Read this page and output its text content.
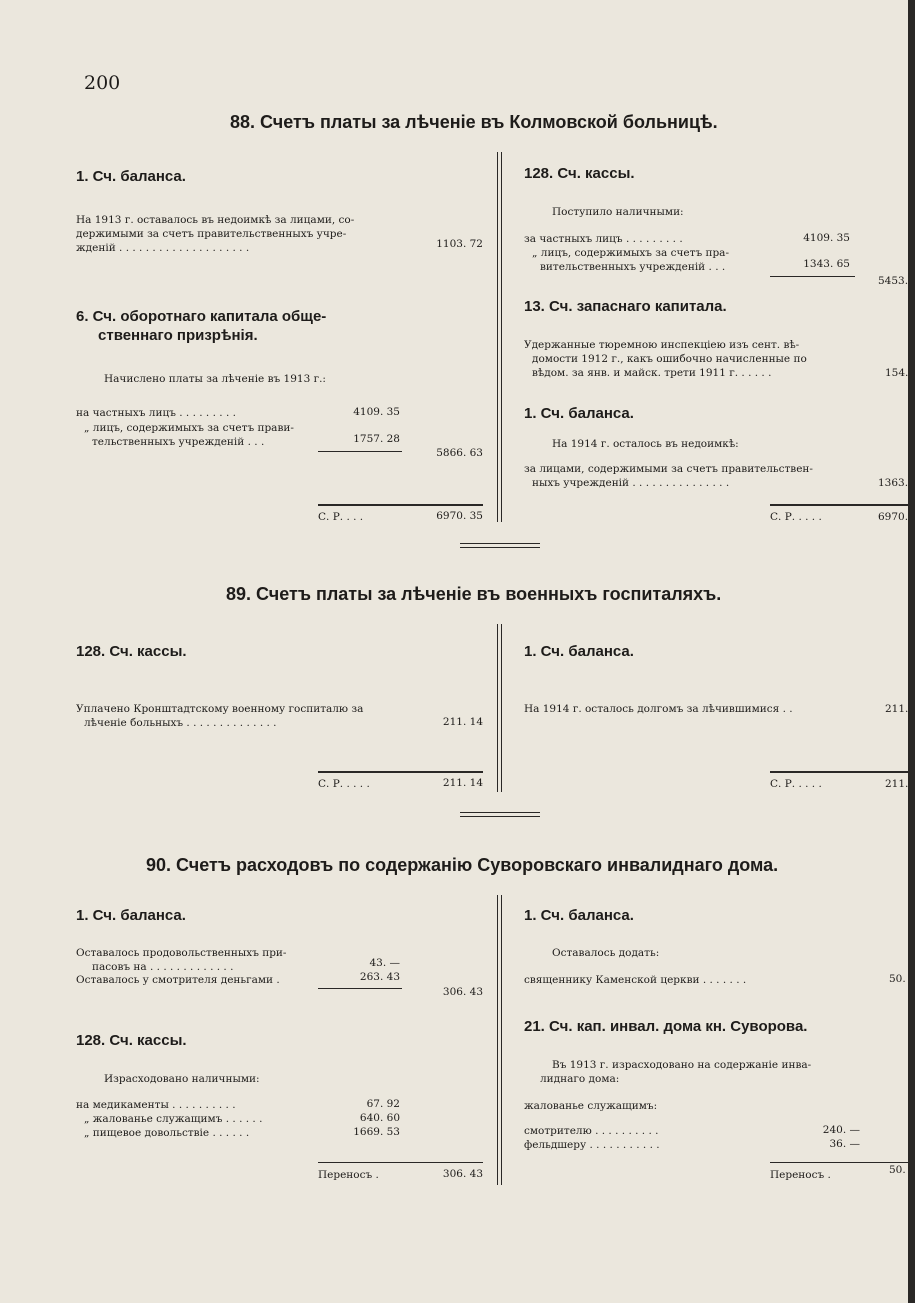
200
88. Счетъ платы за лѣченіе въ Колмовской больницѣ.
1. Сч. баланса.
На 1913 г. оставалось въ недоимкѣ за лицами, со-
держимыми за счетъ правительственныхъ учре-
жденій . . . . . . . . . . . . . . . . . . . .	1103. 72
6. Сч. оборотнаго капитала обще-
ственнаго призрѣнія.
Начислено платы за лѣченіе въ 1913 г.:
на частныхъ лицъ . . . . . . . . .	4109. 35
„ лицъ, содержимыхъ за счетъ прави-
тельственныхъ учрежденій . . .	1757. 28
5866. 63
С. Р. . . .	6970. 35
128. Сч. кассы.
Поступило наличными:
за частныхъ лицъ . . . . . . . . .	4109. 35
„ лицъ, содержимыхъ за счетъ пра-
вительственныхъ учрежденій . . .	1343. 65
5453.
13. Сч. запаснаго капитала.
Удержанные тюремною инспекціею изъ сент. вѣ-
домости 1912 г., какъ ошибочно начисленные по
вѣдом. за янв. и майск. трети 1911 г. . . . . .	154.
1. Сч. баланса.
На 1914 г. осталось въ недоимкѣ:
за лицами, содержимыми за счетъ правительствен-
ныхъ учрежденій . . . . . . . . . . . . . . .	1363.
С. Р. . . . .	6970.
89. Счетъ платы за лѣченіе въ военныхъ госпиталяхъ.
128. Сч. кассы.
Уплачено Кронштадтскому военному госпиталю за
лѣченіе больныхъ . . . . . . . . . . . . . .	211. 14
С. Р. . . . .	211. 14
1. Сч. баланса.
На 1914 г. осталось долгомъ за лѣчившимися . .	211.
С. Р. . . . .	211.
90. Счетъ расходовъ по содержанію Суворовскаго инвалиднаго дома.
1. Сч. баланса.
Оставалось продовольственныхъ при-
пасовъ на . . . . . . . . . . . . .	43. —
Оставалось у смотрителя деньгами .	263. 43
306. 43
128. Сч. кассы.
Израсходовано наличными:
на медикаменты . . . . . . . . . .	67. 92
„ жалованье служащимъ . . . . . .	640. 60
„ пищевое довольствіе . . . . . .	1669. 53
Переносъ .	306. 43
1. Сч. баланса.
Оставалось додать:
священнику Каменской церкви . . . . . . .	50.
21. Сч. кап. инвал. дома кн. Суворова.
Въ 1913 г. израсходовано на содержаніе инва-
лиднаго дома:
жалованье служащимъ:
смотрителю . . . . . . . . . .	240. —
фельдшеру . . . . . . . . . . .	36. —
Переносъ .	50.
